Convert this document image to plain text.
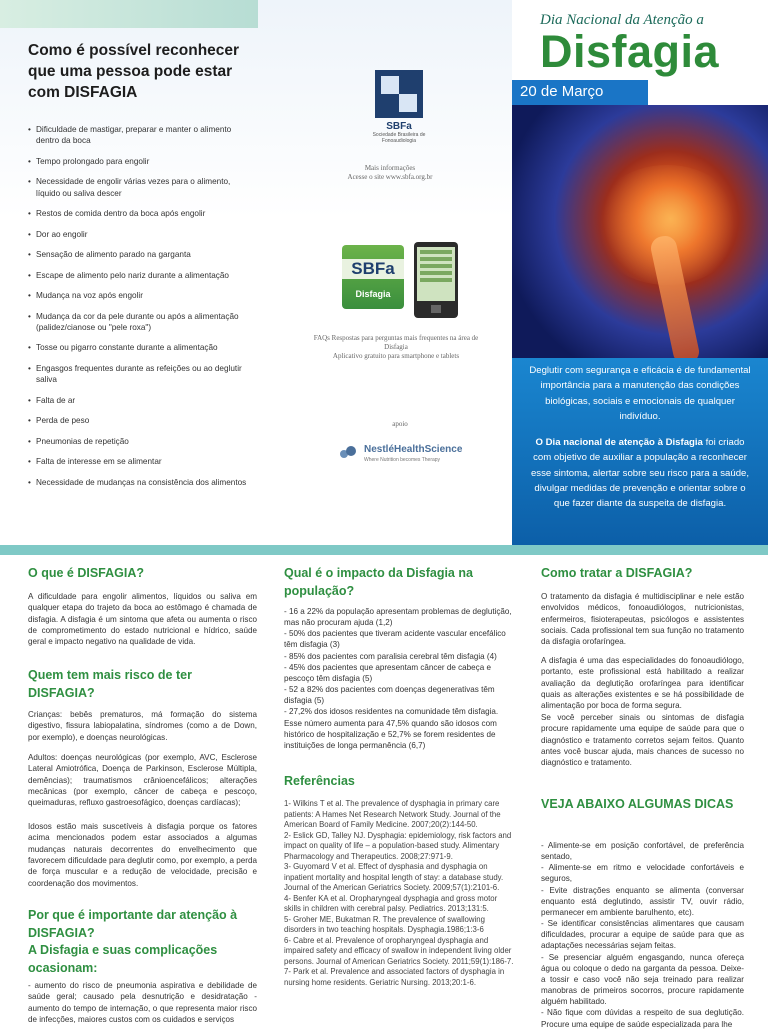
Como é possível reconhecer que uma pessoa pode estar com DISFAGIA
• Dificuldade de mastigar, preparar e manter o alimento dentro da boca
• Tempo prolongado para engolir
• Necessidade de engolir várias vezes para o alimento, líquido ou saliva descer
• Restos de comida dentro da boca após engolir
• Dor ao engolir
• Sensação de alimento parado na garganta
• Escape de alimento pelo nariz durante a alimentação
• Mudança na voz após engolir
• Mudança da cor da pele durante ou após a alimentação (palidez/cianose ou "pele roxa")
• Tosse ou pigarro constante durante a alimentação
• Engasgos frequentes durante as refeições ou ao deglutir saliva
• Falta de ar
• Perda de peso
• Pneumonias de repetição
• Falta de interesse em se alimentar
• Necessidade de mudanças na consistência dos alimentos
SBFa
Sociedade Brasileira de Fonoaudiologia
Mais informações
Acesse o site www.sbfa.org.br
SBFa
Disfagia
FAQs Respostas para perguntas mais frequentes na área de Disfagia
Aplicativo gratuito para smartphone e tablets
apoio
NestléHealthScience
Where Nutrition becomes Therapy
Dia Nacional da Atenção a
Disfagia
20 de Março

Deglutir com segurança e eficácia é de fundamental importância para a manutenção das condições biológicas, sociais e emocionais de qualquer indivíduo.

O Dia nacional de atenção à Disfagia foi criado com objetivo de auxiliar a população a reconhecer esse sintoma, alertar sobre seu risco para a saúde, divulgar medidas de prevenção e orientar sobre o que fazer diante da suspeita de disfagia.

O que é DISFAGIA?

A dificuldade para engolir alimentos, líquidos ou saliva em qualquer etapa do trajeto da boca ao estômago é chamada de disfagia. A disfagia é um sintoma que afeta ou aumenta o risco de comprometimento do estado nutricional e hídrico, saúde geral e impacto negativo na qualidade de vida.

Quem tem mais risco de ter DISFAGIA?

Crianças: bebês prematuros, má formação do sistema digestivo, fissura labiopalatina, síndromes (como a de Down, por exemplo), e doenças neurológicas.

Adultos: doenças neurológicas (por exemplo, AVC, Esclerose Lateral Amiotrófica, Doença de Parkinson, Esclerose Múltipla, demências); traumatismos crânioencefálicos; alterações mecânicas (por exemplo, câncer de cabeça e pescoço, queimaduras, refluxo gastroesofágico, doenças cardíacas);

Idosos estão mais suscetíveis à disfagia porque os fatores acima mencionados podem estar associados a algumas mudanças naturais decorrentes do envelhecimento que favorecem dificuldade para deglutir como, por exemplo, a perda de força muscular e a redução de velocidade, precisão e coordenação dos movimentos.

Por que é importante dar atenção à DISFAGIA?
A Disfagia e suas complicações ocasionam:

- aumento do risco de pneumonia aspirativa e debilidade de saúde geral; causado pela desnutrição e desidratação - aumento do tempo de internação, o que representa maior risco de infecções, maiores custos com os cuidados e serviços

Qual é o impacto da Disfagia na população?
- 16 a 22% da população apresentam problemas de deglutição, mas não procuram ajuda (1,2)
- 50% dos pacientes que tiveram acidente vascular encefálico têm disfagia (3)
- 85% dos pacientes com paralisia cerebral têm disfagia (4)
- 45% dos pacientes que apresentam câncer de cabeça e pescoço têm disfagia (5)
- 52 a 82% dos pacientes com doenças degenerativas têm disfagia (5)
- 27,2% dos idosos residentes na comunidade têm disfagia. Esse número aumenta para 47,5% quando são idosos com histórico de hospitalização e 52,7% se forem residentes de instituições de longa permanência (6,7)
Referências
1- Wilkins T et al. The prevalence of dysphagia in primary care patients: A Hames Net Research Network Study. Journal of the American Board of Family Medicine. 2007;20(2):144-50.
2- Eslick GD, Talley NJ. Dysphagia: epidemiology, risk factors and impact on quality of life – a population-based study. Alimentary Pharmacology and Therapeutics. 2008;27:971-9.
3- Guyomard V et al. Effect of dysphasia and dysphagia on inpatient mortality and hospital length of stay: a database study. Journal of the American Geriatrics Society. 2009;57(1):2101-6.
4- Benfer KA et al. Oropharyngeal dysphagia and gross motor skills in children with cerebral palsy. Pediatrics. 2013;131:5.
5- Groher ME, Bukatman R. The prevalence of swallowing disorders in two teaching hospitals. Dysphagia.1986;1:3-6
6- Cabre et al. Prevalence of oropharyngeal dysphagia and impaired safety and efficacy of swallow in independent living older persons. Journal of American Geriatrics Society. 2011;59(1):186-7.
7- Park et al. Prevalence and associated factors of dysphagia in nursing home residents. Geriatric Nursing. 2013;20:1-6.
Como tratar a DISFAGIA?

O tratamento da disfagia é multidisciplinar e nele estão envolvidos médicos, fonoaudiólogos, nutricionistas, enfermeiros, fisioterapeutas, psicólogos e assistentes sociais. Cada profissional tem sua função no tratamento da disfagia orofaríngea.

A disfagia é uma das especialidades do fonoaudiólogo, portanto, este profissional está habilitado a realizar avaliação da deglutição orofaríngea para identificar quais as alterações existentes e se há possibilidade de alimentação por boca de forma segura.

Se você perceber sinais ou sintomas de disfagia procure rapidamente uma equipe de saúde para que o diagnóstico e tratamento corretos sejam feitos. Quanto antes você buscar ajuda, mais chances de sucesso no diagnóstico e tratamento.

VEJA ABAIXO ALGUMAS DICAS
- Alimente-se em posição confortável, de preferência sentado,
- Alimente-se em ritmo e velocidade confortáveis e seguros,
- Evite distrações enquanto se alimenta (conversar enquanto está deglutindo, assistir TV, ouvir rádio, permanecer em ambiente barulhento, etc).
- Se identificar consistências alimentares que causam dificuldades, procurar a equipe de saúde para que as adaptações necessárias sejam feitas.
- Se presenciar alguém engasgando, nunca ofereça água ou coloque o dedo na garganta da pessoa. Deixe-a tossir e caso você não seja treinado para realizar manobras de primeiros socorros, procure rapidamente alguém habilitado.
- Não fique com dúvidas a respeito de sua deglutição. Procure uma equipe de saúde especializada para lhe
